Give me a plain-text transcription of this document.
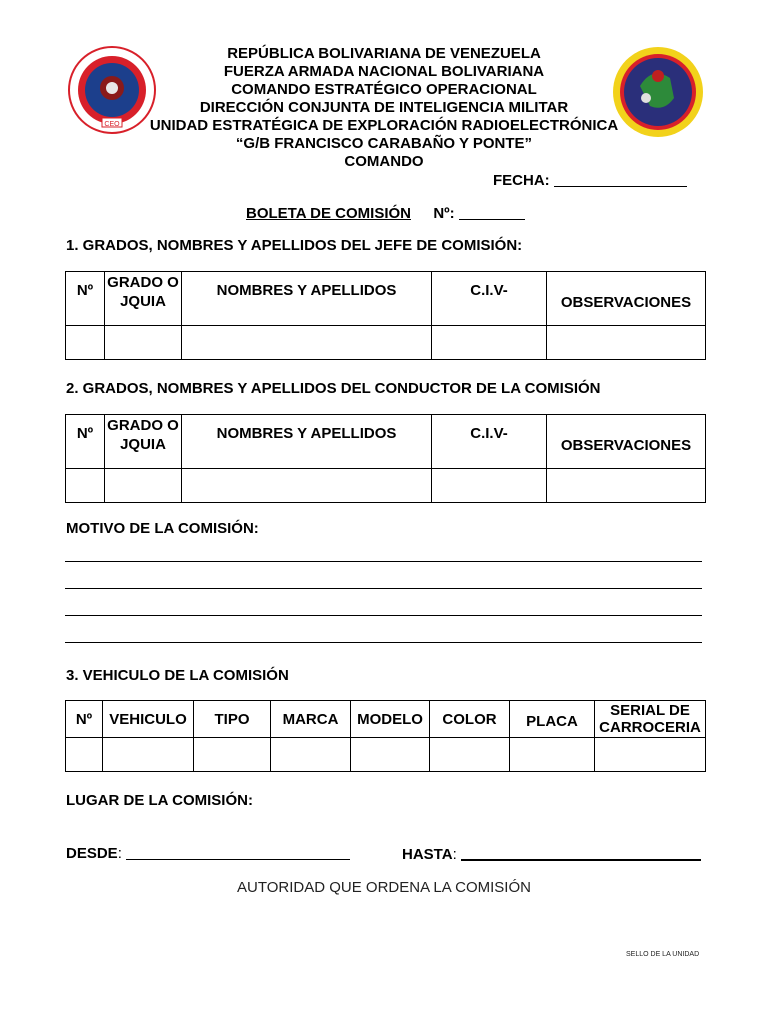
CEO
REPÚBLICA BOLIVARIANA DE VENEZUELA
FUERZA ARMADA NACIONAL BOLIVARIANA
COMANDO ESTRATÉGICO OPERACIONAL
DIRECCIÓN CONJUNTA DE INTELIGENCIA MILITAR
UNIDAD ESTRATÉGICA DE EXPLORACIÓN RADIOELECTRÓNICA
“G/B FRANCISCO CARABAÑO Y PONTE”
COMANDO
FECHA:
BOLETA DE COMISIÓN Nº:
1. GRADOS, NOMBRES Y APELLIDOS DEL JEFE DE COMISIÓN:
Nº	GRADO O JQUIA	NOMBRES Y APELLIDOS	C.I.V-	OBSERVACIONES

2. GRADOS, NOMBRES Y APELLIDOS DEL CONDUCTOR DE LA COMISIÓN
Nº	GRADO O JQUIA	NOMBRES Y APELLIDOS	C.I.V-	OBSERVACIONES

MOTIVO DE LA COMISIÓN:
3. VEHICULO DE LA COMISIÓN
Nº	VEHICULO	TIPO	MARCA	MODELO	COLOR	PLACA	SERIAL DE CARROCERIA

LUGAR DE LA COMISIÓN:
DESDE:	HASTA:
AUTORIDAD QUE ORDENA LA COMISIÓN
SELLO DE LA UNIDAD
